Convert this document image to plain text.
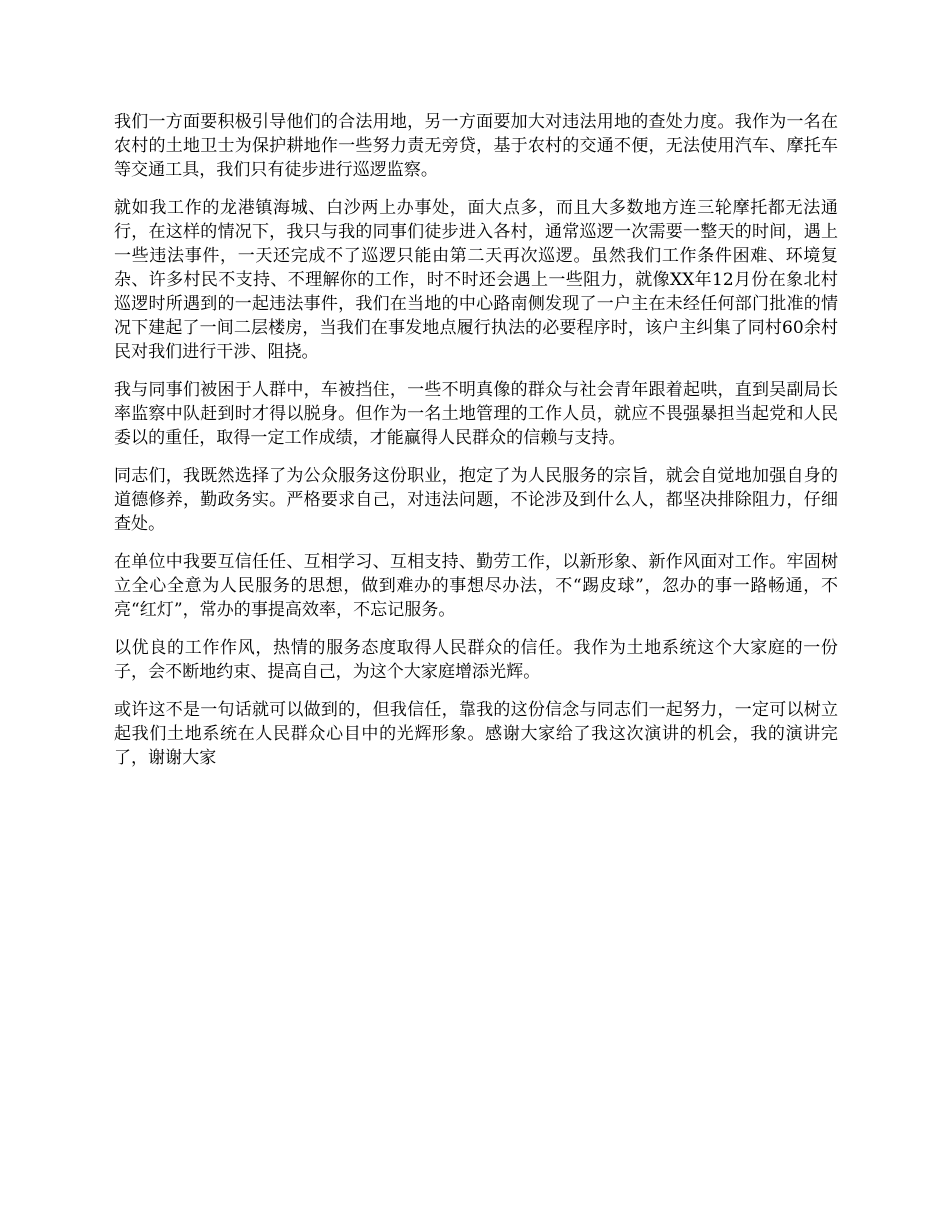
我们一方面要积极引导他们的合法用地，另一方面要加大对违法用地的查处力度。我作为一名在农村的土地卫士为保护耕地作一些努力责无旁贷，基于农村的交通不便，无法使用汽车、摩托车等交通工具，我们只有徒步进行巡逻监察。

就如我工作的龙港镇海城、白沙两上办事处，面大点多，而且大多数地方连三轮摩托都无法通行，在这样的情况下，我只与我的同事们徒步进入各村，通常巡逻一次需要一整天的时间，遇上一些违法事件，一天还完成不了巡逻只能由第二天再次巡逻。虽然我们工作条件困难、环境复杂、许多村民不支持、不理解你的工作，时不时还会遇上一些阻力，就像XX年12月份在象北村巡逻时所遇到的一起违法事件，我们在当地的中心路南侧发现了一户主在未经任何部门批准的情况下建起了一间二层楼房，当我们在事发地点履行执法的必要程序时，该户主纠集了同村60余村民对我们进行干涉、阻挠。

我与同事们被困于人群中，车被挡住，一些不明真像的群众与社会青年跟着起哄，直到吴副局长率监察中队赶到时才得以脱身。但作为一名土地管理的工作人员，就应不畏强暴担当起党和人民委以的重任，取得一定工作成绩，才能赢得人民群众的信赖与支持。

同志们，我既然选择了为公众服务这份职业，抱定了为人民服务的宗旨，就会自觉地加强自身的道德修养，勤政务实。严格要求自己，对违法问题，不论涉及到什么人，都坚决排除阻力，仔细查处。

在单位中我要互信任任、互相学习、互相支持、勤劳工作，以新形象、新作风面对工作。牢固树立全心全意为人民服务的思想，做到难办的事想尽办法，不“踢皮球”，忽办的事一路畅通，不亮“红灯”，常办的事提高效率，不忘记服务。

以优良的工作作风，热情的服务态度取得人民群众的信任。我作为土地系统这个大家庭的一份子，会不断地约束、提高自己，为这个大家庭增添光辉。

或许这不是一句话就可以做到的，但我信任，靠我的这份信念与同志们一起努力，一定可以树立起我们土地系统在人民群众心目中的光辉形象。感谢大家给了我这次演讲的机会，我的演讲完了，谢谢大家
